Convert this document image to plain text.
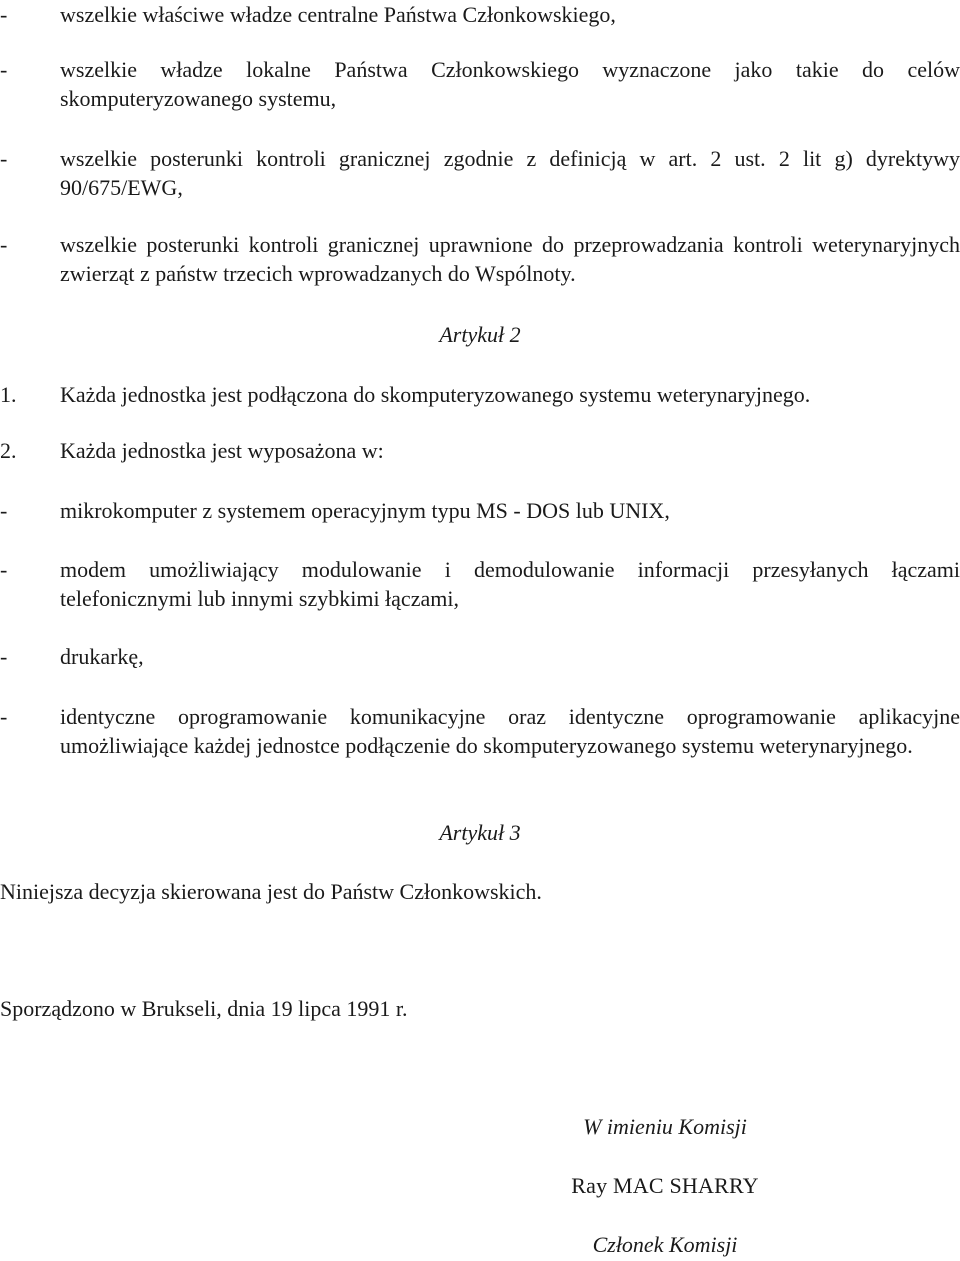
- wszelkie właściwe władze centralne Państwa Członkowskiego,

- wszelkie władze lokalne Państwa Członkowskiego wyznaczone jako takie do celów skomputeryzowanego systemu,

- wszelkie posterunki kontroli granicznej zgodnie z definicją w art. 2 ust. 2 lit g) dyrektywy 90/675/EWG,

- wszelkie posterunki kontroli granicznej uprawnione do przeprowadzania kontroli weterynaryjnych zwierząt z państw trzecich wprowadzanych do Wspólnoty.

Artykuł 2

1. Każda jednostka jest podłączona do skomputeryzowanego systemu weterynaryjnego.

2. Każda jednostka jest wyposażona w:

- mikrokomputer z systemem operacyjnym typu MS - DOS lub UNIX,

- modem umożliwiający modulowanie i demodulowanie informacji przesyłanych łączami telefonicznymi lub innymi szybkimi łączami,

- drukarkę,

- identyczne oprogramowanie komunikacyjne oraz identyczne oprogramowanie aplikacyjne umożliwiające każdej jednostce podłączenie do skomputeryzowanego systemu weterynaryjnego.

Artykuł 3

Niniejsza decyzja skierowana jest do Państw Członkowskich.

Sporządzono w Brukseli, dnia 19 lipca 1991 r.

W imieniu Komisji

Ray MAC SHARRY

Członek Komisji
